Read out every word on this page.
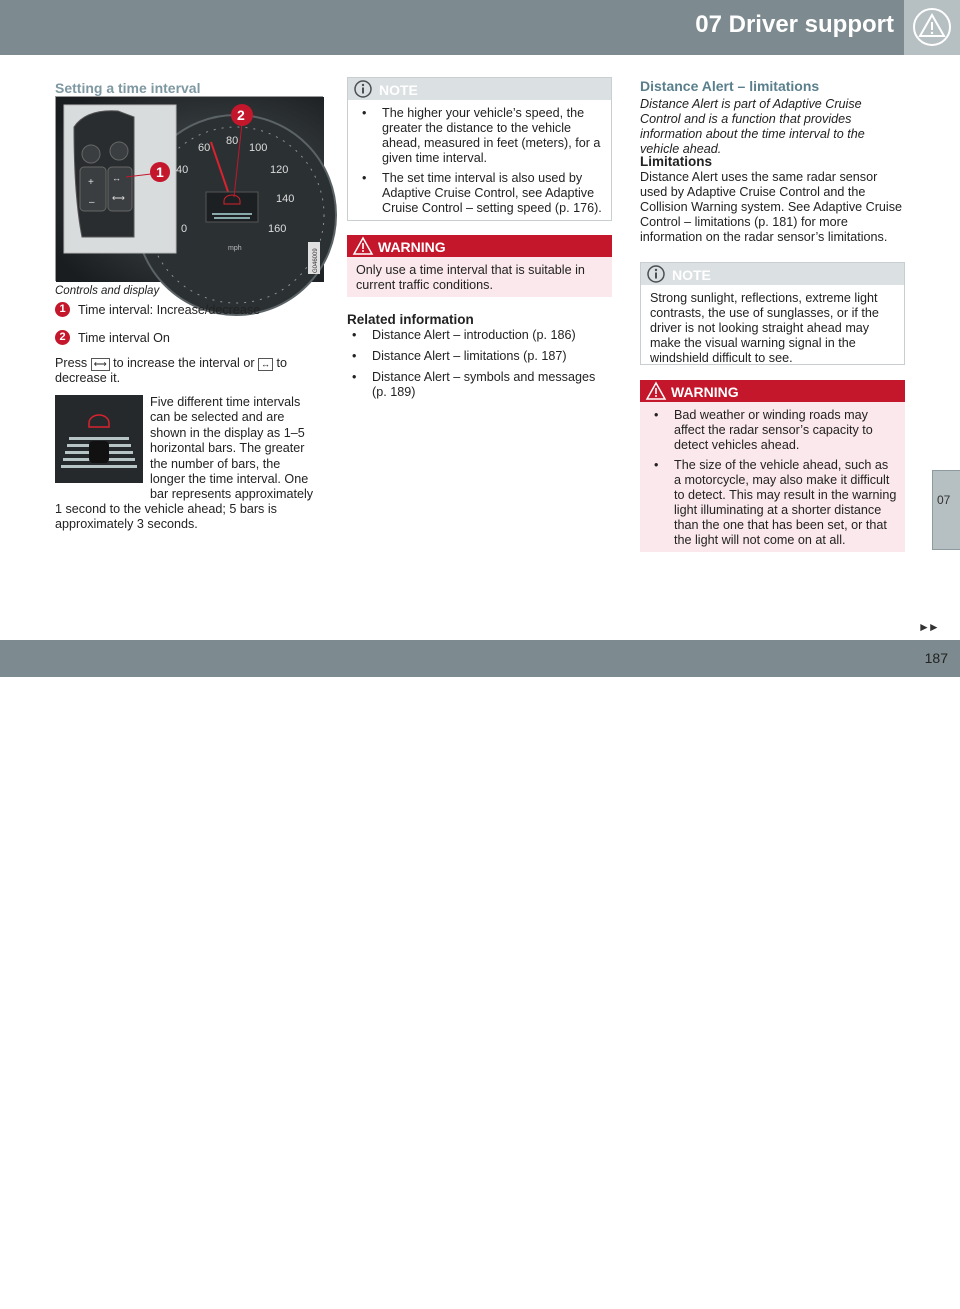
07 Driver support
Setting a time interval
0
40
60
80
100
120
140
160
mph
+
–
↔
⟷
1
2
G046009
Controls and display
1 Time interval: Increase/decrease
2 Time interval On
Press ⟷ to increase the interval or ↔ to
decrease it.
Five different time intervals
can be selected and are
shown in the display as 1–5
horizontal bars. The greater
the number of bars, the
longer the time interval. One
bar represents approximately
1 second to the vehicle ahead; 5 bars is
approximately 3 seconds.
NOTE
• The higher your vehicle’s speed, the greater the distance to the vehicle ahead, measured in feet (meters), for a given time interval.
• The set time interval is also used by Adaptive Cruise Control, see Adaptive Cruise Control – setting speed (p. 176).
WARNING
Only use a time interval that is suitable in current traffic conditions.
Related information
• Distance Alert – introduction (p. 186)
• Distance Alert – limitations (p. 187)
• Distance Alert – symbols and messages (p. 189)
Distance Alert – limitations
Distance Alert is part of Adaptive Cruise Control and is a function that provides information about the time interval to the vehicle ahead.
Limitations
Distance Alert uses the same radar sensor used by Adaptive Cruise Control and the Collision Warning system. See Adaptive Cruise Control – limitations (p. 181) for more information on the radar sensor’s limitations.
NOTE
Strong sunlight, reflections, extreme light contrasts, the use of sunglasses, or if the driver is not looking straight ahead may make the visual warning signal in the windshield difficult to see.
WARNING
• Bad weather or winding roads may affect the radar sensor’s capacity to detect vehicles ahead.
• The size of the vehicle ahead, such as a motorcycle, may also make it difficult to detect. This may result in the warning light illuminating at a shorter distance than the one that has been set, or that the light will not come on at all.
07
►►
carmanualsonline.info
187
